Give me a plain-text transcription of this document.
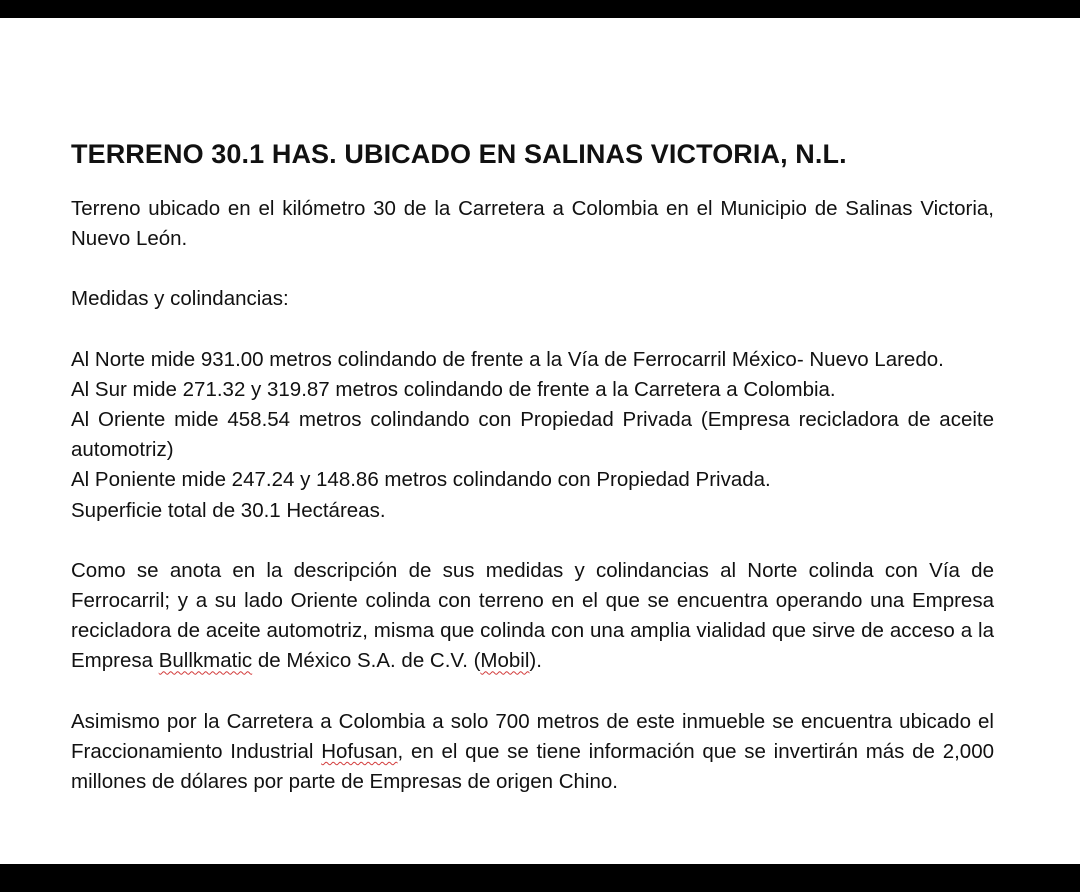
TERRENO 30.1 HAS. UBICADO EN SALINAS VICTORIA, N.L.

Terreno ubicado en el kilómetro 30 de la Carretera a Colombia en el Municipio de Salinas Victoria, Nuevo León.

Medidas y colindancias:

Al Norte mide 931.00 metros colindando de frente a la Vía de Ferrocarril México- Nuevo Laredo.
Al Sur mide 271.32 y 319.87 metros colindando de frente a la Carretera a Colombia.
Al Oriente mide 458.54 metros colindando con Propiedad Privada (Empresa recicladora de aceite automotriz)
Al Poniente mide 247.24 y 148.86 metros colindando con Propiedad Privada.
Superficie total de 30.1 Hectáreas.

Como se anota en la descripción de sus medidas y colindancias al Norte colinda con Vía de Ferrocarril; y a su lado Oriente colinda con terreno en el que se encuentra operando una Empresa recicladora de aceite automotriz, misma que colinda con una amplia vialidad que sirve de acceso a la Empresa Bullkmatic de México S.A. de C.V. (Mobil).

Asimismo por la Carretera a Colombia a solo 700 metros de este inmueble se encuentra ubicado el Fraccionamiento Industrial Hofusan, en el que se tiene información que se invertirán más de 2,000 millones de dólares por parte de Empresas de origen Chino.
